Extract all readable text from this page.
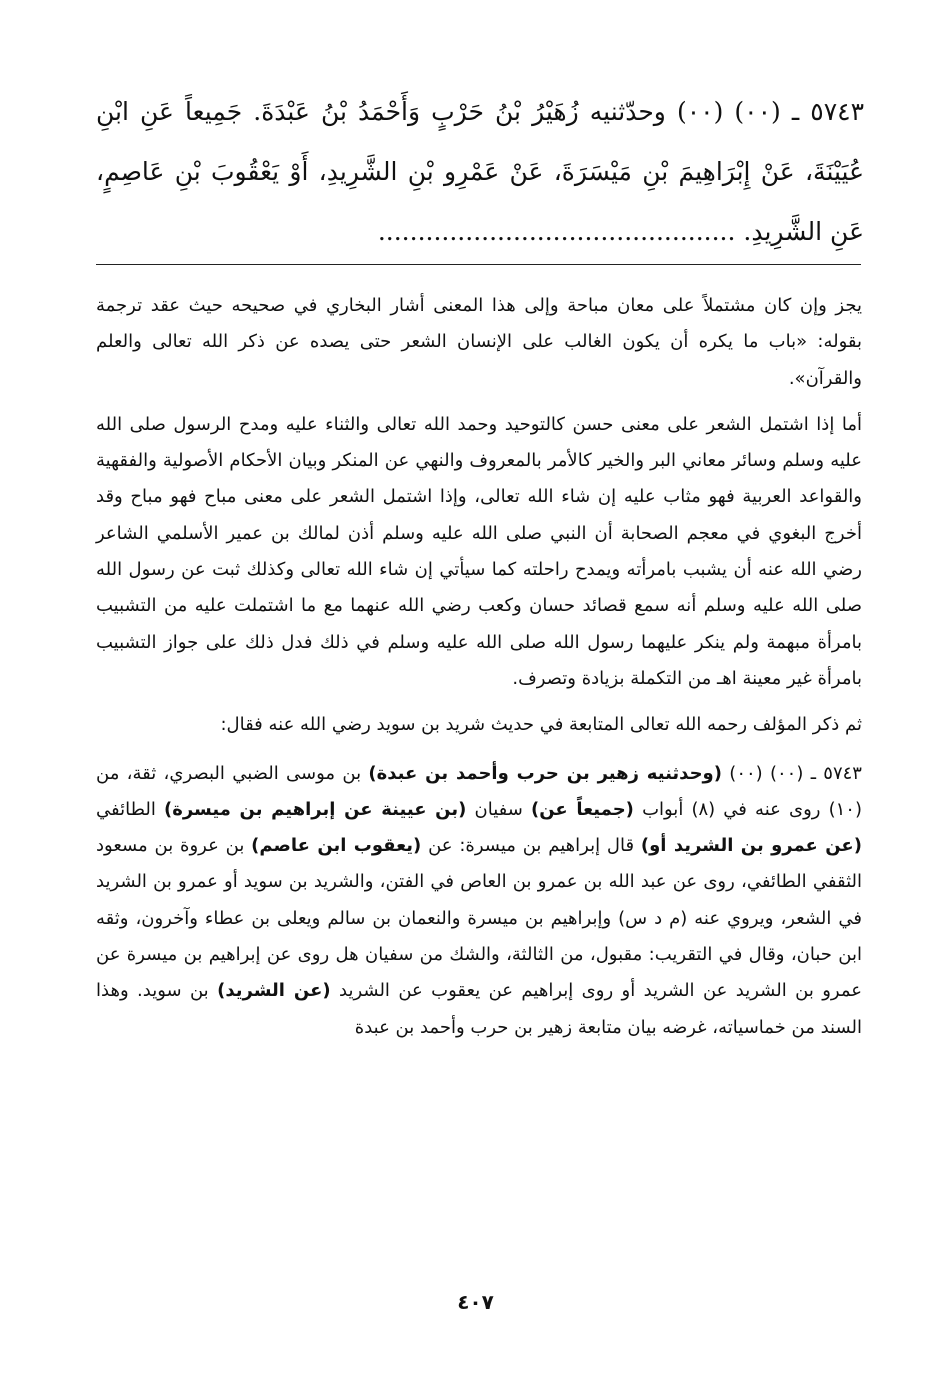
٥٧٤٣ ـ (٠٠) (٠٠) وحدّثنيه زُهَيْرُ بْنُ حَرْبٍ وَأَحْمَدُ بْنُ عَبْدَةَ. جَمِيعاً عَنِ ابْنِ عُيَيْنَةَ، عَنْ إِبْرَاهِيمَ بْنِ مَيْسَرَةَ، عَنْ عَمْرِو بْنِ الشَّرِيدِ، أَوْ يَعْقُوبَ بْنِ عَاصِمٍ، عَنِ الشَّرِيدِ. .............................................

يجز وإن كان مشتملاً على معان مباحة وإلى هذا المعنى أشار البخاري في صحيحه حيث عقد ترجمة بقوله: «باب ما يكره أن يكون الغالب على الإنسان الشعر حتى يصده عن ذكر الله تعالى والعلم والقرآن».

أما إذا اشتمل الشعر على معنى حسن كالتوحيد وحمد الله تعالى والثناء عليه ومدح الرسول صلى الله عليه وسلم وسائر معاني البر والخير كالأمر بالمعروف والنهي عن المنكر وبيان الأحكام الأصولية والفقهية والقواعد العربية فهو مثاب عليه إن شاء الله تعالى، وإذا اشتمل الشعر على معنى مباح فهو مباح وقد أخرج البغوي في معجم الصحابة أن النبي صلى الله عليه وسلم أذن لمالك بن عمير الأسلمي الشاعر رضي الله عنه أن يشبب بامرأته ويمدح راحلته كما سيأتي إن شاء الله تعالى وكذلك ثبت عن رسول الله صلى الله عليه وسلم أنه سمع قصائد حسان وكعب رضي الله عنهما مع ما اشتملت عليه من التشبيب بامرأة مبهمة ولم ينكر عليهما رسول الله صلى الله عليه وسلم في ذلك فدل ذلك على جواز التشبيب بامرأة غير معينة اهـ من التكملة بزيادة وتصرف.

ثم ذكر المؤلف رحمه الله تعالى المتابعة في حديث شريد بن سويد رضي الله عنه فقال:

٥٧٤٣ ـ (٠٠) (٠٠) (وحدثنيه زهير بن حرب وأحمد بن عبدة) بن موسى الضبي البصري، ثقة، من (١٠) روى عنه في (٨) أبواب (جميعاً عن) سفيان (بن عيينة عن إبراهيم بن ميسرة) الطائفي (عن عمرو بن الشريد أو) قال إبراهيم بن ميسرة: عن (يعقوب ابن عاصم) بن عروة بن مسعود الثقفي الطائفي، روى عن عبد الله بن عمرو بن العاص في الفتن، والشريد بن سويد أو عمرو بن الشريد في الشعر، ويروي عنه (م د س) وإبراهيم بن ميسرة والنعمان بن سالم ويعلى بن عطاء وآخرون، وثقه ابن حبان، وقال في التقريب: مقبول، من الثالثة، والشك من سفيان هل روى عن إبراهيم بن ميسرة عن عمرو بن الشريد عن الشريد أو روى إبراهيم عن يعقوب عن الشريد (عن الشريد) بن سويد. وهذا السند من خماسياته، غرضه بيان متابعة زهير بن حرب وأحمد بن عبدة

٤٠٧
